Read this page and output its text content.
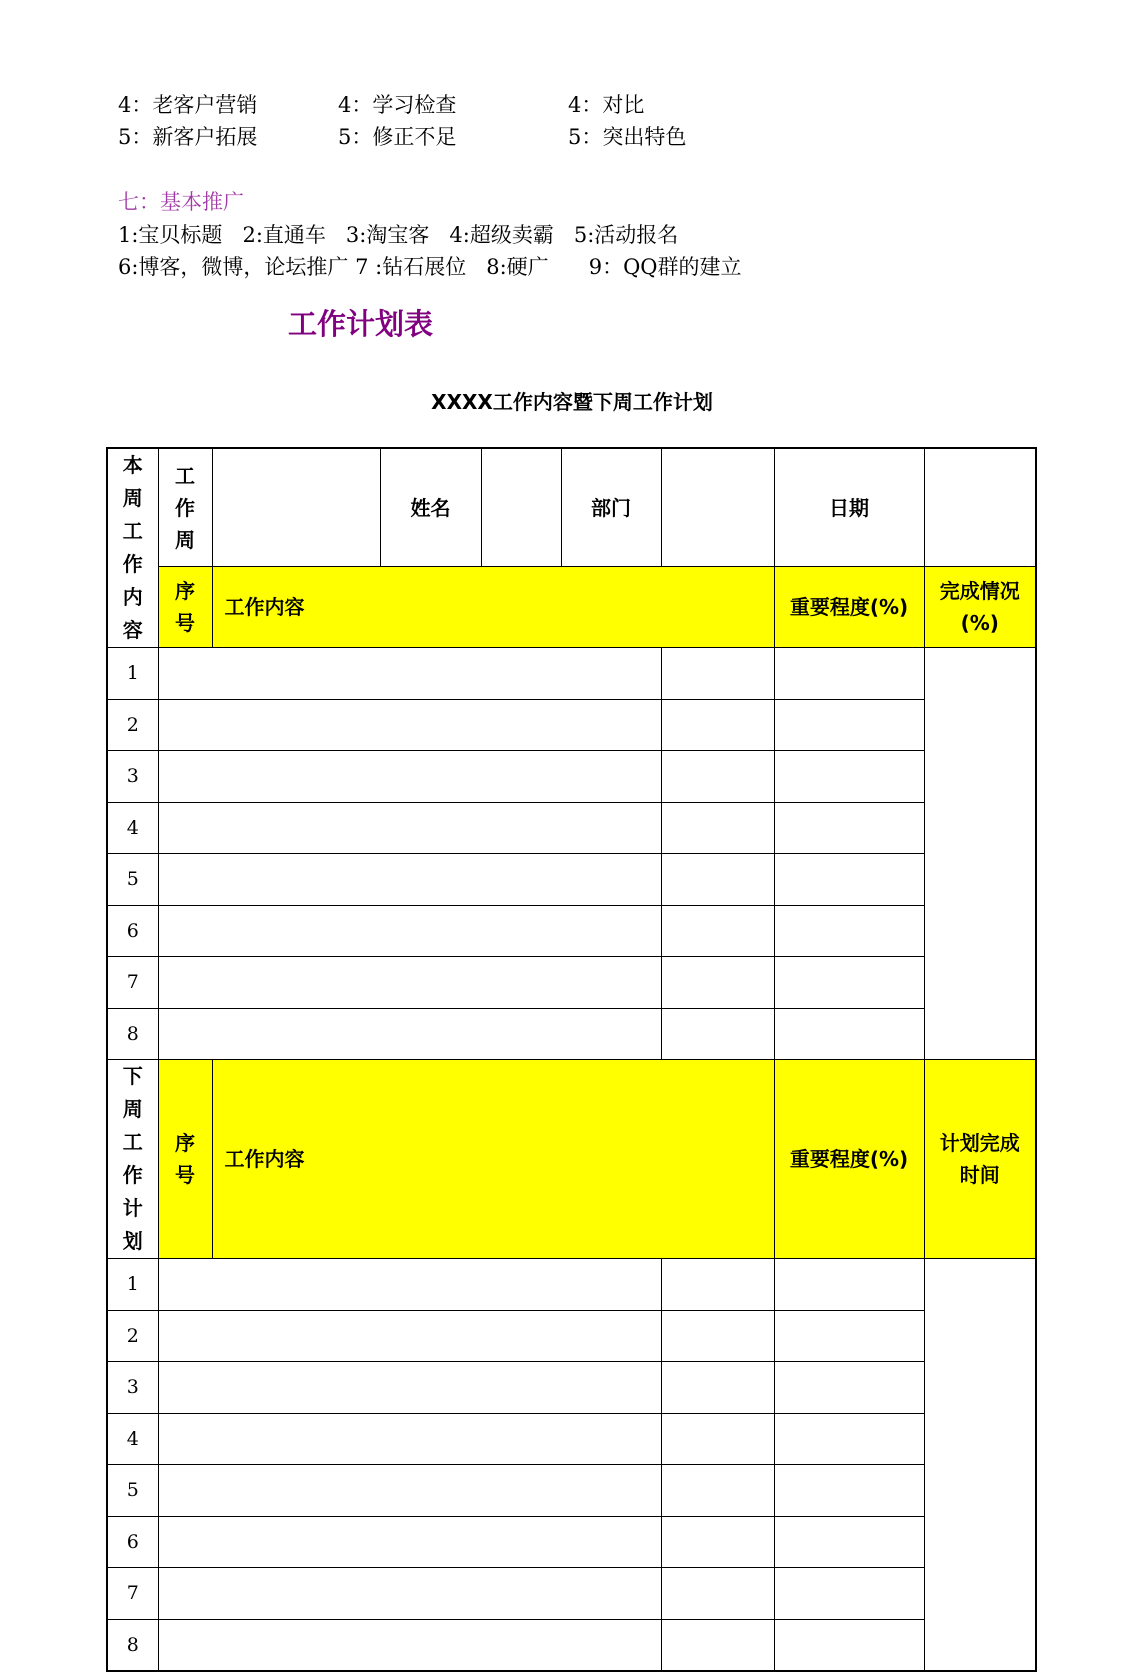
4：老客户营销	4：学习检查	4：对比
5：新客户拓展	5：修正不足	5：突出特色
七：基本推广
1:宝贝标题   2:直通车   3:淘宝客   4:超级卖霸   5:活动报名
6:博客，微博，论坛推广 7 :钻石展位   8:硬广      9：QQ群的建立
工作计划表
XXXX工作内容暨下周工作计划
本周工作内容	工作周		姓名		部门		日期	

	序号	工作内容					重要程度(%)	完成情况(%)

1								
2								
3								
4								
5								
6								
7								
8								

下周工作计划	序号	工作内容					重要程度(%)	计划完成时间

1								
2								
3								
4								
5								
6								
7								
8								
